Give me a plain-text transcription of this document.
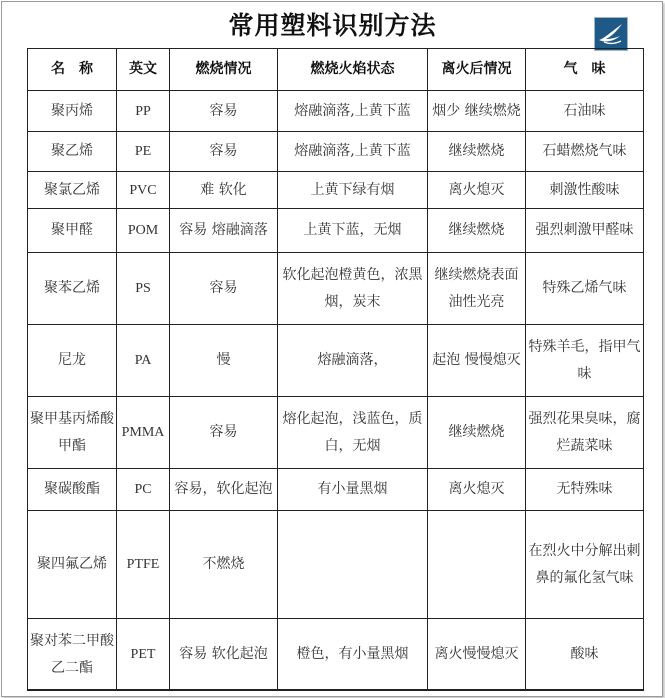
常用塑料识别方法
名　称	英文	燃烧情况	燃烧火焰状态	离火后情况	气　味
聚丙烯	PP	容易	熔融滴落,上黄下蓝	烟少 继续燃烧	石油味
聚乙烯	PE	容易	熔融滴落,上黄下蓝	继续燃烧	石蜡燃烧气味
聚氯乙烯	PVC	难 软化	上黄下绿有烟	离火熄灭	刺激性酸味
聚甲醛	POM	容易 熔融滴落	上黄下蓝，无烟	继续燃烧	强烈刺激甲醛味
聚苯乙烯	PS	容易	软化起泡橙黄色，浓黑烟，炭末	继续燃烧表面油性光亮	特殊乙烯气味
尼龙	PA	慢	熔融滴落，	起泡 慢慢熄灭	特殊羊毛，指甲气味
聚甲基丙烯酸甲酯	PMMA	容易	熔化起泡，浅蓝色，质白，无烟	继续燃烧	强烈花果臭味，腐烂蔬菜味
聚碳酸酯	PC	容易，软化起泡	有小量黑烟	离火熄灭	无特殊味
聚四氟乙烯	PTFE	不燃烧			在烈火中分解出刺鼻的氟化氢气味
聚对苯二甲酸乙二酯	PET	容易 软化起泡	橙色，有小量黑烟	离火慢慢熄灭	酸味
